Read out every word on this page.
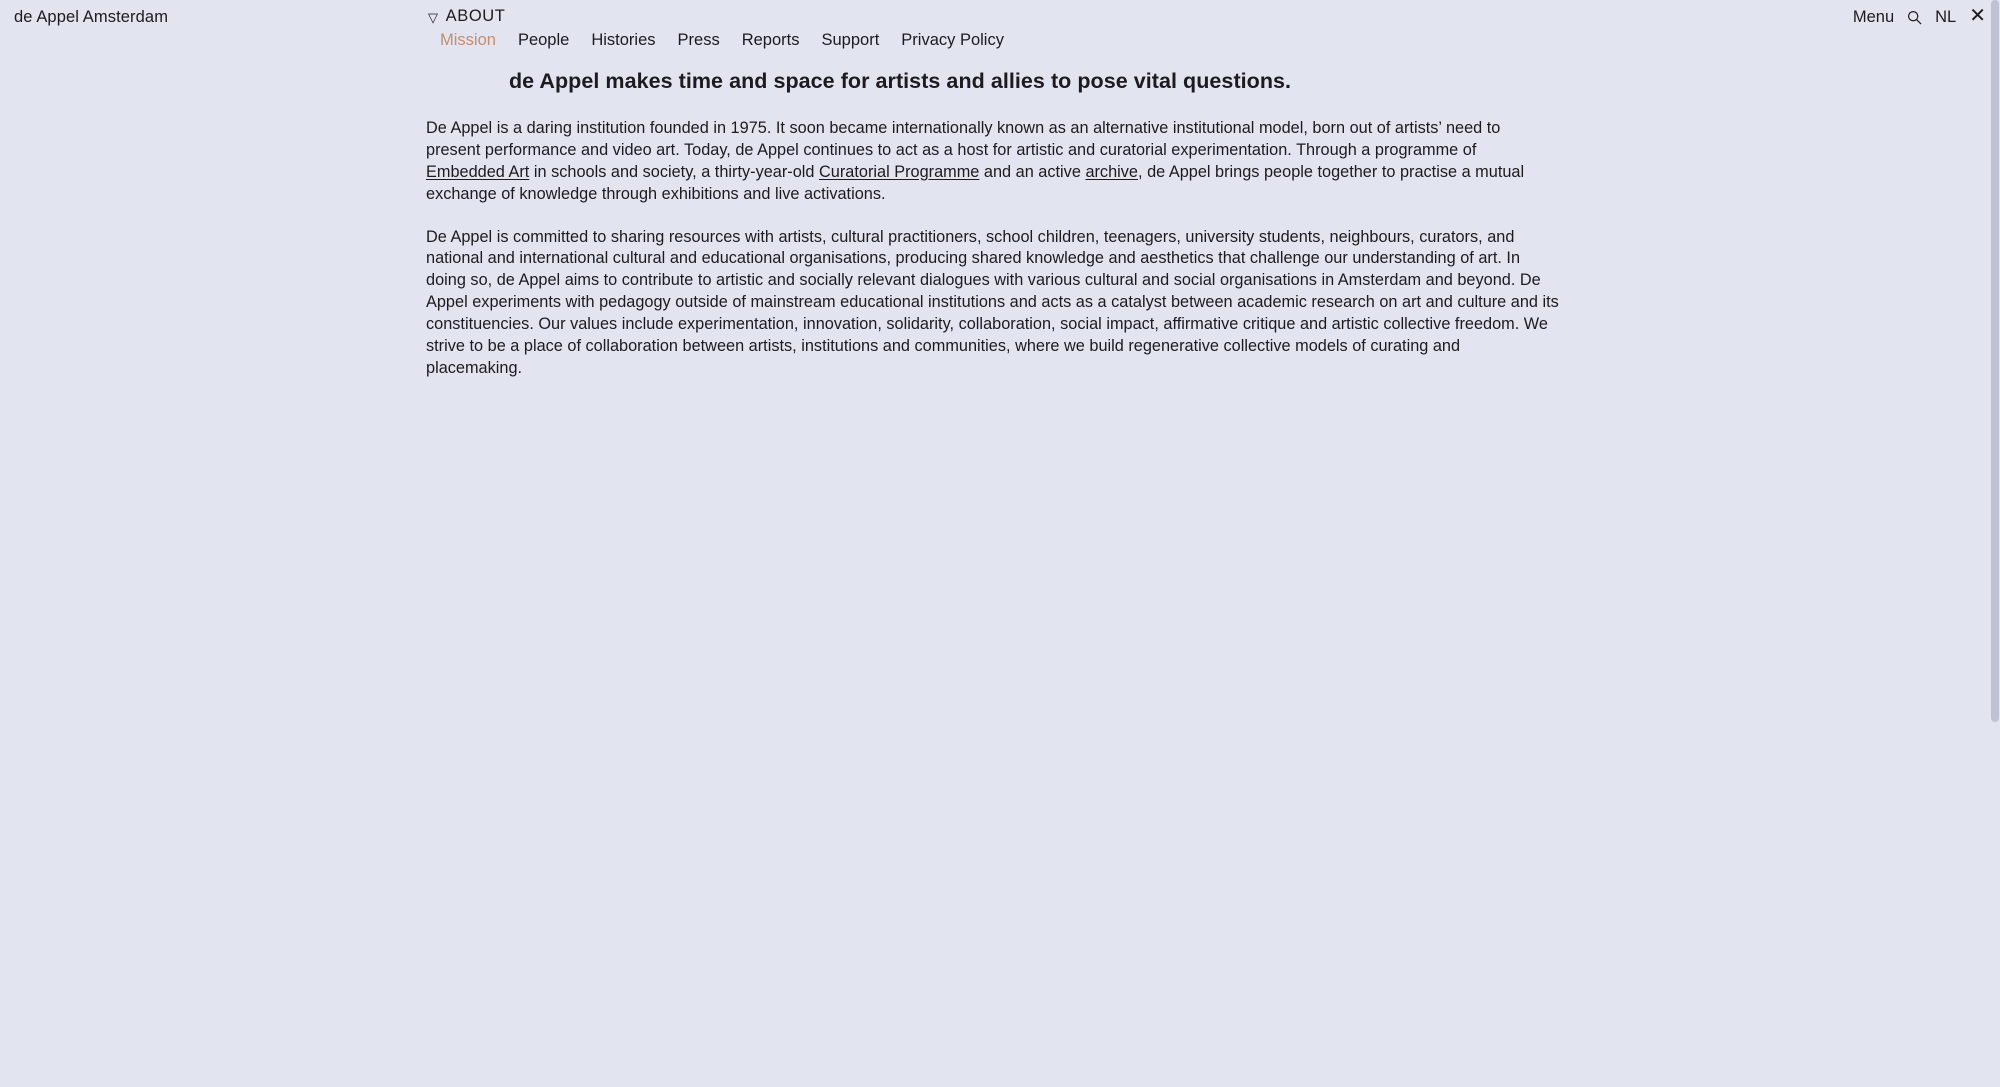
de Appel Amsterdam	▽ ABOUT
Mission People Histories Press Reports Support Privacy Policy
Menu NL ✕
de Appel makes time and space for artists and allies to pose vital questions.

De Appel is a daring institution founded in 1975. It soon became internationally known as an alternative institutional model, born out of artists’ need to present performance and video art. Today, de Appel continues to act as a host for artistic and curatorial experimentation. Through a programme of Embedded Art in schools and society, a thirty-year-old Curatorial Programme and an active archive, de Appel brings people together to practise a mutual exchange of knowledge through exhibitions and live activations.

De Appel is committed to sharing resources with artists, cultural practitioners, school children, teenagers, university students, neighbours, curators, and national and international cultural and educational organisations, producing shared knowledge and aesthetics that challenge our understanding of art. In doing so, de Appel aims to contribute to artistic and socially relevant dialogues with various cultural and social organisations in Amsterdam and beyond. De Appel experiments with pedagogy outside of mainstream educational institutions and acts as a catalyst between academic research on art and culture and its constituencies. Our values include experimentation, innovation, solidarity, collaboration, social impact, affirmative critique and artistic collective freedom. We strive to be a place of collaboration between artists, institutions and communities, where we build regenerative collective models of curating and placemaking.
